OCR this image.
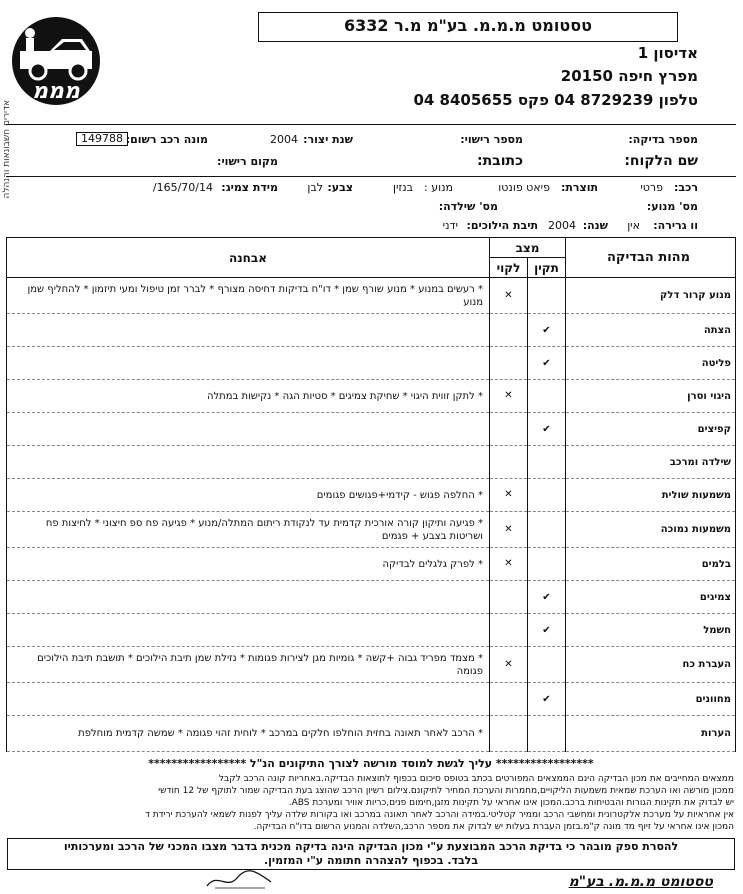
טסטומט מ.מ.מ. בע"מ מ.ר 6332
מממ
אדירים חשבונאות והנהלה
אדיסון 1
מפרץ חיפה 20150
טלפון 8729239 04 פקס 8405655 04
מספר בדיקה:
מספר רישוי:
שנת יצור:
2004
מונה רכב רשום:
149788
שם הלקוח:
כתובת:
מקום רישוי:
רכב:
פרטי
תוצרת:
פיאט פונטו
מנוע :
בנזין
צבע:
לבן
מידת צמיג:
165/70/14/
מס' מנוע:
מס' שילדה:
וו גרירה:
אין
שנה:
2004
תיבת הילוכים:
ידני
מהות הבדיקה	מצב		אבחנה
	תקין	לקוי	
מנוע קרור דלק		✕	* רעשים במנוע * מנוע שורף שמן * דו"ח בדיקות דחיסה מצורף * לברר זמן טיפול ומעי תיזמון * להחליף שמן מנוע
הצתה	✔		
פליטה	✔		
היגוי וסרן		✕	* לתקן זווית היגוי * שחיקת צמיגים * סטיות הגה * נקישות במתלה
קפיצים	✔		
שילדה ומרכב			
משמעות שולית		✕	* החלפה פגוש - קידמי+פגושים פגומים
משמעות נמוכה		✕	* פגיעה ותיקון קורה אורכית קדמית עד לנקודת ריתום המתלה/מנוע * פגיעה פח ספ חיצוני * לחיצות פח ושריטות בצבע + פגמים
בלמים		✕	* לפרק גלגלים לבדיקה
צמיגים	✔		
חשמל	✔		
העברת כח		✕	* מצמד מפריד גבוה +קשה * גומיות מגן לצירות פגומות * נזילת שמן תיבת הילוכים * תושבת תיבת הילוכים פגומה
מחוונים	✔		
הערות			* הרכב לאחר תאונה בחזית הוחלפו חלקים במרכב * לוחית זהוי פגומה * שמשה קדמית מוחלפת
***************** עליך לגשת למוסד מורשה לצורך התיקונים הנ"ל *****************
ממצאים המחייבים את מכון הבדיקה הינם הממצאים המפורטים בכתב בטופס סיכום בכפוף לתוצאות הבדיקה.באחריות קונה הרכב לקבל
ממכון מורשה ואו הערכת שמאית משמעות הליקויים,מחמרות והערכת המחיר לתיקונם.צילום רשיון הרכב שהוצג בעת הבדיקה שמור לתוקף של 12 חודשי
יש לבדוק את תקינות הגורות והבטיחות ברכב.המכון אינו אחראי על תקינות מזגן,חימום פנים,כריות אוויר ומערכת ABS.
אין אחראיות על מערכת אלקטרונית ומחשבי הרכב וממיר קטליטי.במידה והרכב לאחר תאונה במרכב ואו בקורות שלדה עליך לפנות לשמאי להערכת ירידת ד
המכון אינו אחראי על זיוף מד מונה ק"מ.בזמן העברת בעלות יש לבדוק את מספר הרכב,השלדה והמנוע הרשום בדו"ח הבדיקה.
להסרת ספק מובהר כי בדיקת הרכב המבוצעת ע"י מכון הבדיקה הינה בדיקה מכנית בדבר מצבו המכני של הרכב ומערכותיו
בלבד. בכפוף להצהרה חתומה ע"י המזמין.
טסטומט מ.מ.מ. בע"מ
